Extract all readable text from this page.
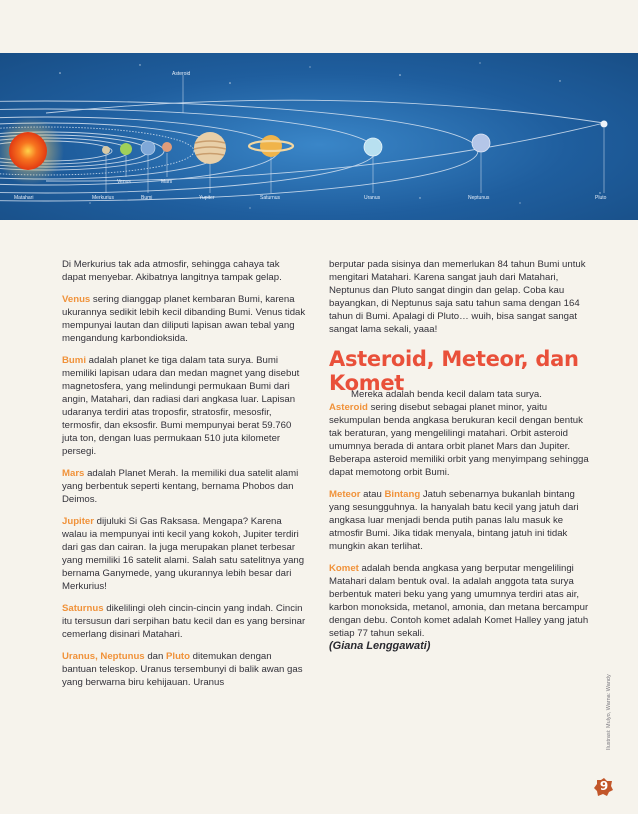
Asteroid
Venus	Mars
Matahari	Merkurius	Bumi	Yupiter	Saturnus	Uranus	Neptunus	Pluto

Di Merkurius tak ada atmosfir, sehingga cahaya tak dapat menyebar. Akibatnya langitnya tampak gelap.

Venus sering dianggap planet kembaran Bumi, karena ukurannya sedikit lebih kecil dibanding Bumi. Venus tidak mempunyai lautan dan diliputi lapisan awan tebal yang mengandung karbondioksida.

Bumi adalah planet ke tiga dalam tata surya. Bumi memiliki lapisan udara dan medan magnet yang disebut magnetosfera, yang melindungi permukaan Bumi dari angin, Matahari, dan radiasi dari angkasa luar. Lapisan udaranya terdiri atas troposfir, stratosfir, mesosfir, termosfir, dan eksosfir. Bumi mempunyai berat 59.760 juta ton, dengan luas permukaan 510 juta kilometer persegi.

Mars adalah Planet Merah. Ia memiliki dua satelit alami yang berbentuk seperti kentang, bernama Phobos dan Deimos.

Jupiter dijuluki Si Gas Raksasa. Mengapa? Karena walau ia mempunyai inti kecil yang kokoh, Jupiter terdiri dari gas dan cairan. Ia juga merupakan planet terbesar yang memiliki 16 satelit alami. Salah satu satelitnya yang bernama Ganymede, yang ukurannya lebih besar dari Merkurius!

Saturnus dikelilingi oleh cincin-cincin yang indah. Cincin itu tersusun dari serpihan batu kecil dan es yang bersinar cemerlang disinari Matahari.

Uranus, Neptunus dan Pluto ditemukan dengan bantuan teleskop. Uranus tersembunyi di balik awan gas yang berwarna biru kehijauan. Uranus

berputar pada sisinya dan memerlukan 84 tahun Bumi untuk mengitari Matahari. Karena sangat jauh dari Matahari, Neptunus dan Pluto sangat dingin dan gelap. Coba kau bayangkan, di Neptunus saja satu tahun sama dengan 164 tahun di Bumi. Apalagi di Pluto… wuih, bisa sangat sangat sangat lama sekali, yaaa!

Asteroid, Meteor, dan Komet

Mereka adalah benda kecil dalam tata surya.
Asteroid sering disebut sebagai planet minor, yaitu sekumpulan benda angkasa berukuran kecil dengan bentuk tak beraturan, yang mengelilingi matahari. Orbit asteroid umumnya berada di antara orbit planet Mars dan Jupiter. Beberapa asteroid memiliki orbit yang menyimpang sehingga dapat memotong orbit Bumi.

Meteor atau Bintang Jatuh sebenarnya bukanlah bintang yang sesungguhnya. Ia hanyalah batu kecil yang jatuh dari angkasa luar menjadi benda putih panas lalu masuk ke atmosfir Bumi. Jika tidak menyala, bintang jatuh ini tidak mungkin akan terlihat.

Komet adalah benda angkasa yang berputar mengelilingi Matahari dalam bentuk oval. Ia adalah anggota tata surya berbentuk materi beku yang yang umumnya terdiri atas air, karbon monoksida, metanol, amonia, dan metana bercampur dengan debu. Contoh komet adalah Komet Halley yang jatuh setiap 77 tahun sekali.
(Giana Lenggawati)

Ilustrasi: Mulyo, Warna: Wandy
9
